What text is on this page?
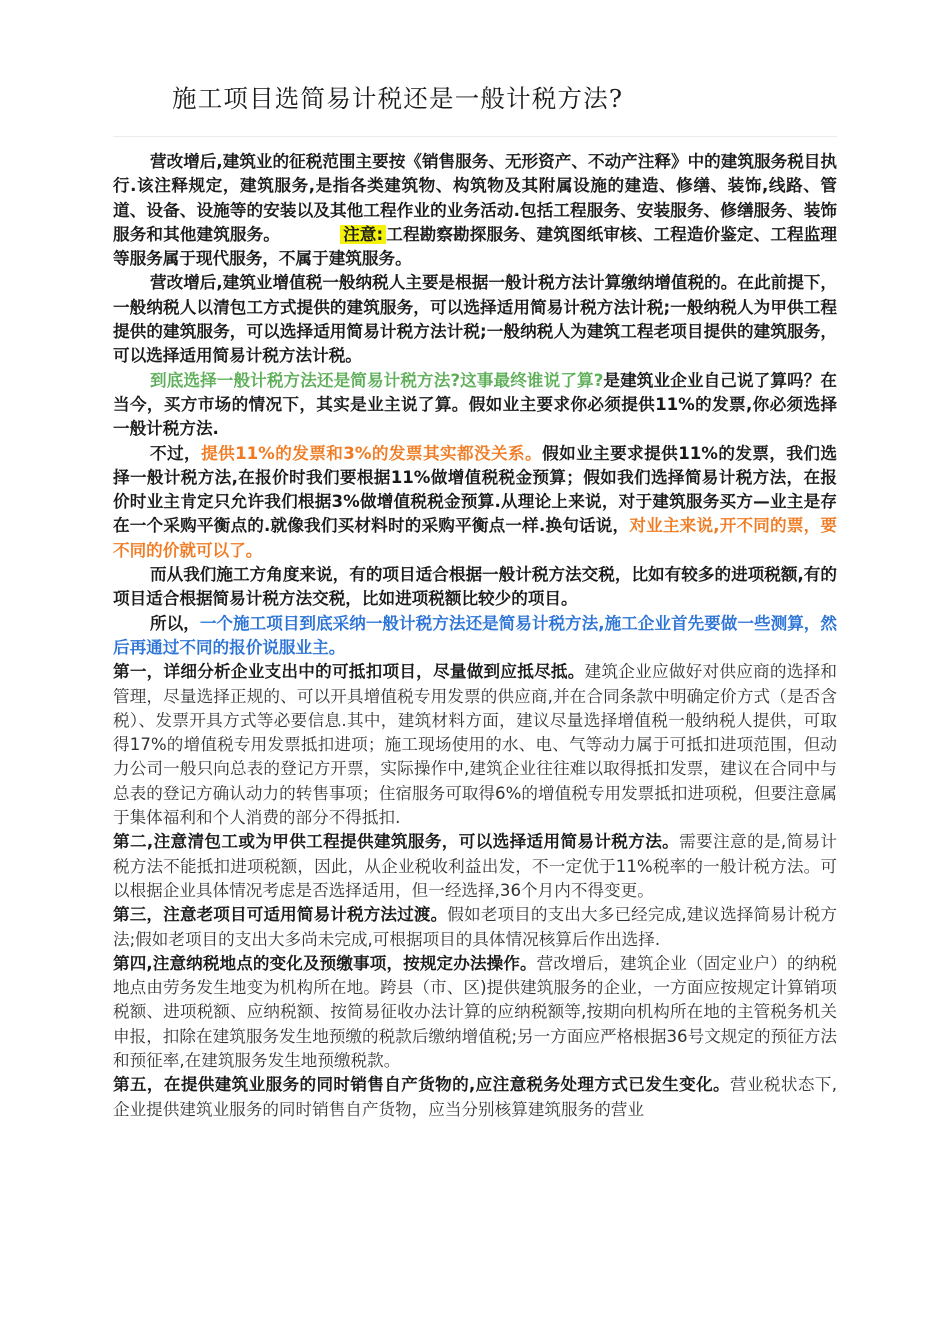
施工项目选简易计税还是一般计税方法?

营改增后,建筑业的征税范围主要按《销售服务、无形资产、不动产注释》中的建筑服务税目执行.该注释规定，建筑服务,是指各类建筑物、构筑物及其附属设施的建造、修缮、装饰,线路、管道、设备、设施等的安装以及其他工程作业的业务活动.包括工程服务、安装服务、修缮服务、装饰服务和其他建筑服务。	注意: 工程勘察勘探服务、建筑图纸审核、工程造价鉴定、工程监理等服务属于现代服务，不属于建筑服务。

营改增后,建筑业增值税一般纳税人主要是根据一般计税方法计算缴纳增值税的。在此前提下，一般纳税人以清包工方式提供的建筑服务，可以选择适用简易计税方法计税;一般纳税人为甲供工程提供的建筑服务，可以选择适用简易计税方法计税;一般纳税人为建筑工程老项目提供的建筑服务，可以选择适用简易计税方法计税。

到底选择一般计税方法还是简易计税方法?这事最终谁说了算?是建筑业企业自己说了算吗？在当今，买方市场的情况下，其实是业主说了算。假如业主要求你必须提供11%的发票,你必须选择一般计税方法.

不过，提供11%的发票和3%的发票其实都没关系。假如业主要求提供11%的发票，我们选择一般计税方法,在报价时我们要根据11%做增值税税金预算；假如我们选择简易计税方法，在报价时业主肯定只允许我们根据3%做增值税税金预算.从理论上来说，对于建筑服务买方—业主是存在一个采购平衡点的.就像我们买材料时的采购平衡点一样.换句话说，对业主来说,开不同的票，要不同的价就可以了。

而从我们施工方角度来说，有的项目适合根据一般计税方法交税，比如有较多的进项税额,有的项目适合根据简易计税方法交税，比如进项税额比较少的项目。

所以，一个施工项目到底采纳一般计税方法还是简易计税方法,施工企业首先要做一些测算，然后再通过不同的报价说服业主。

第一，详细分析企业支出中的可抵扣项目，尽量做到应抵尽抵。建筑企业应做好对供应商的选择和管理，尽量选择正规的、可以开具增值税专用发票的供应商,并在合同条款中明确定价方式（是否含税）、发票开具方式等必要信息.其中，建筑材料方面，建议尽量选择增值税一般纳税人提供，可取得17%的增值税专用发票抵扣进项；施工现场使用的水、电、气等动力属于可抵扣进项范围，但动力公司一般只向总表的登记方开票，实际操作中,建筑企业往往难以取得抵扣发票，建议在合同中与总表的登记方确认动力的转售事项；住宿服务可取得6%的增值税专用发票抵扣进项税，但要注意属于集体福利和个人消费的部分不得抵扣.

第二,注意清包工或为甲供工程提供建筑服务，可以选择适用简易计税方法。需要注意的是,简易计税方法不能抵扣进项税额，因此，从企业税收利益出发，不一定优于11%税率的一般计税方法。可以根据企业具体情况考虑是否选择适用，但一经选择,36个月内不得变更。

第三，注意老项目可适用简易计税方法过渡。假如老项目的支出大多已经完成,建议选择简易计税方法;假如老项目的支出大多尚未完成,可根据项目的具体情况核算后作出选择.

第四,注意纳税地点的变化及预缴事项，按规定办法操作。营改增后，建筑企业（固定业户）的纳税地点由劳务发生地变为机构所在地。跨县（市、区)提供建筑服务的企业，一方面应按规定计算销项税额、进项税额、应纳税额、按简易征收办法计算的应纳税额等,按期向机构所在地的主管税务机关申报，扣除在建筑服务发生地预缴的税款后缴纳增值税;另一方面应严格根据36号文规定的预征方法和预征率,在建筑服务发生地预缴税款。

第五，在提供建筑业服务的同时销售自产货物的,应注意税务处理方式已发生变化。营业税状态下,企业提供建筑业服务的同时销售自产货物，应当分别核算建筑服务的营业
